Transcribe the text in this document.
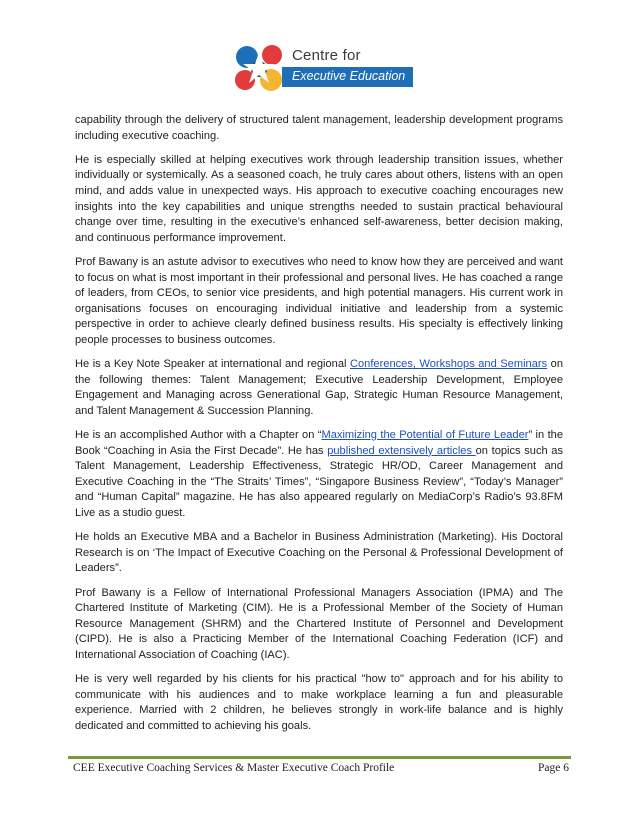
Centre for
Executive Education

capability through the delivery of structured talent management, leadership development programs including executive coaching.

He is especially skilled at helping executives work through leadership transition issues, whether individually or systemically. As a seasoned coach, he truly cares about others, listens with an open mind, and adds value in unexpected ways. His approach to executive coaching encourages new insights into the key capabilities and unique strengths needed to sustain practical behavioural change over time, resulting in the executive’s enhanced self-awareness, better decision making, and continuous performance improvement.

Prof Bawany is an astute advisor to executives who need to know how they are perceived and want to focus on what is most important in their professional and personal lives. He has coached a range of leaders, from CEOs, to senior vice presidents, and high potential managers. His current work in organisations focuses on encouraging individual initiative and leadership from a systemic perspective in order to achieve clearly defined business results. His specialty is effectively linking people processes to business outcomes.

He is a Key Note Speaker at international and regional Conferences, Workshops and Seminars on the following themes: Talent Management; Executive Leadership Development, Employee Engagement and Managing across Generational Gap, Strategic Human Resource Management, and Talent Management & Succession Planning.

He is an accomplished Author with a Chapter on “Maximizing the Potential of Future Leader” in the Book “Coaching in Asia the First Decade”. He has published extensively articles on topics such as Talent Management, Leadership Effectiveness, Strategic HR/OD, Career Management and Executive Coaching in the “The Straits’ Times”, “Singapore Business Review”, “Today’s Manager” and “Human Capital” magazine. He has also appeared regularly on MediaCorp’s Radio’s 93.8FM Live as a studio guest.

He holds an Executive MBA and a Bachelor in Business Administration (Marketing). His Doctoral Research is on ‘The Impact of Executive Coaching on the Personal & Professional Development of Leaders”.

Prof Bawany is a Fellow of International Professional Managers Association (IPMA) and The Chartered Institute of Marketing (CIM). He is a Professional Member of the Society of Human Resource Management (SHRM) and the Chartered Institute of Personnel and Development (CIPD). He is also a Practicing Member of the International Coaching Federation (ICF) and International Association of Coaching (IAC).

He is very well regarded by his clients for his practical "how to" approach and for his ability to communicate with his audiences and to make workplace learning a fun and pleasurable experience. Married with 2 children, he believes strongly in work-life balance and is highly dedicated and committed to achieving his goals.

CEE Executive Coaching Services & Master Executive Coach Profile	Page 6
